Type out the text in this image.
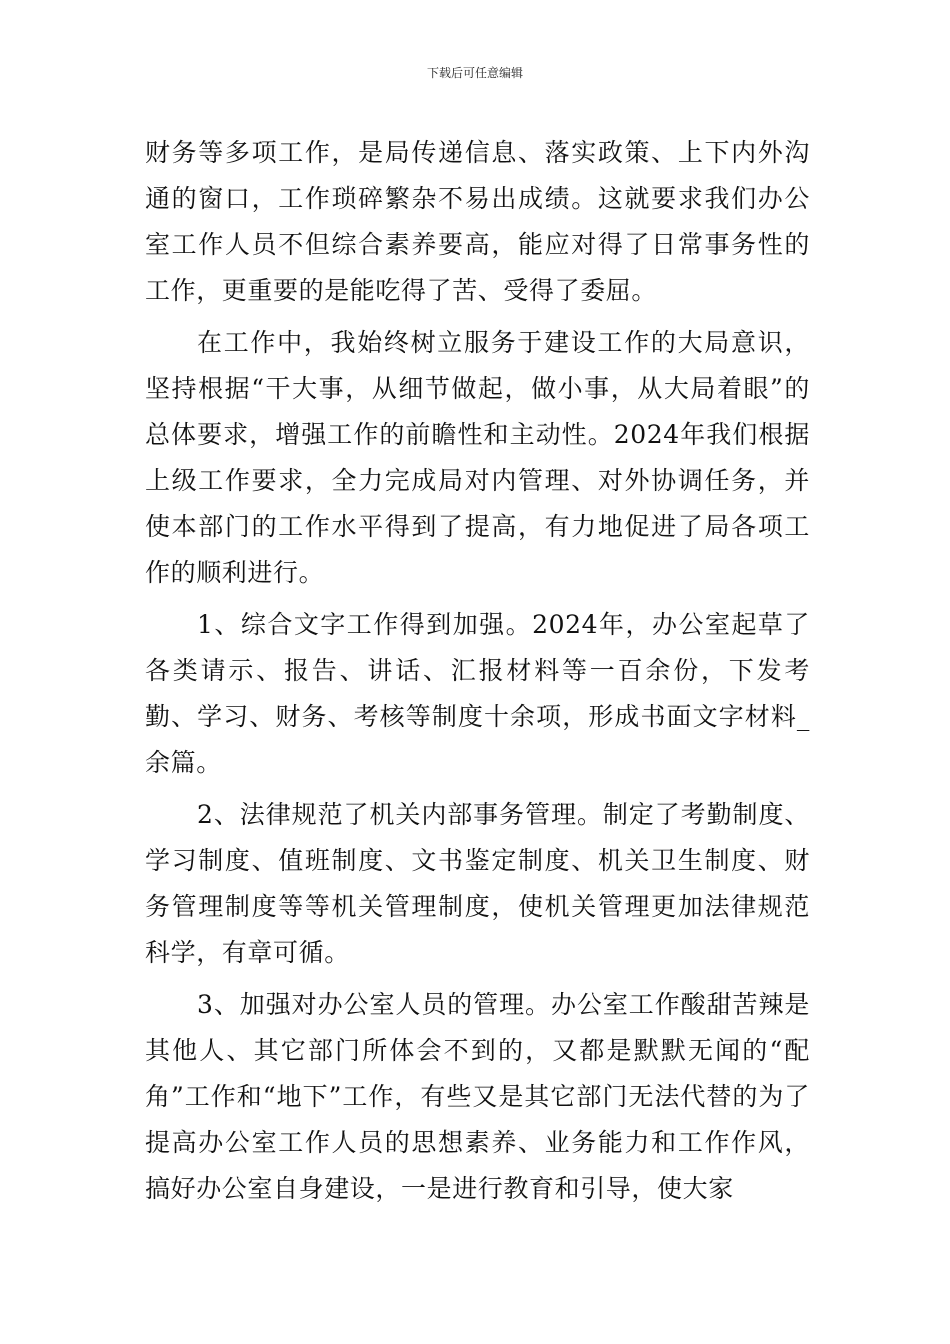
下载后可任意编辑

财务等多项工作，是局传递信息、落实政策、上下内外沟通的窗口，工作琐碎繁杂不易出成绩。这就要求我们办公室工作人员不但综合素养要高，能应对得了日常事务性的工作，更重要的是能吃得了苦、受得了委屈。

在工作中，我始终树立服务于建设工作的大局意识，坚持根据“干大事，从细节做起，做小事，从大局着眼”的总体要求，增强工作的前瞻性和主动性。2024年我们根据上级工作要求，全力完成局对内管理、对外协调任务，并使本部门的工作水平得到了提高，有力地促进了局各项工作的顺利进行。

1、综合文字工作得到加强。2024年，办公室起草了各类请示、报告、讲话、汇报材料等一百余份，下发考勤、学习、财务、考核等制度十余项，形成书面文字材料_余篇。

2、法律规范了机关内部事务管理。制定了考勤制度、学习制度、值班制度、文书鉴定制度、机关卫生制度、财务管理制度等等机关管理制度，使机关管理更加法律规范科学，有章可循。

3、加强对办公室人员的管理。办公室工作酸甜苦辣是其他人、其它部门所体会不到的，又都是默默无闻的“配角”工作和“地下”工作，有些又是其它部门无法代替的为了提高办公室工作人员的思想素养、业务能力和工作作风，搞好办公室自身建设，一是进行教育和引导，使大家
